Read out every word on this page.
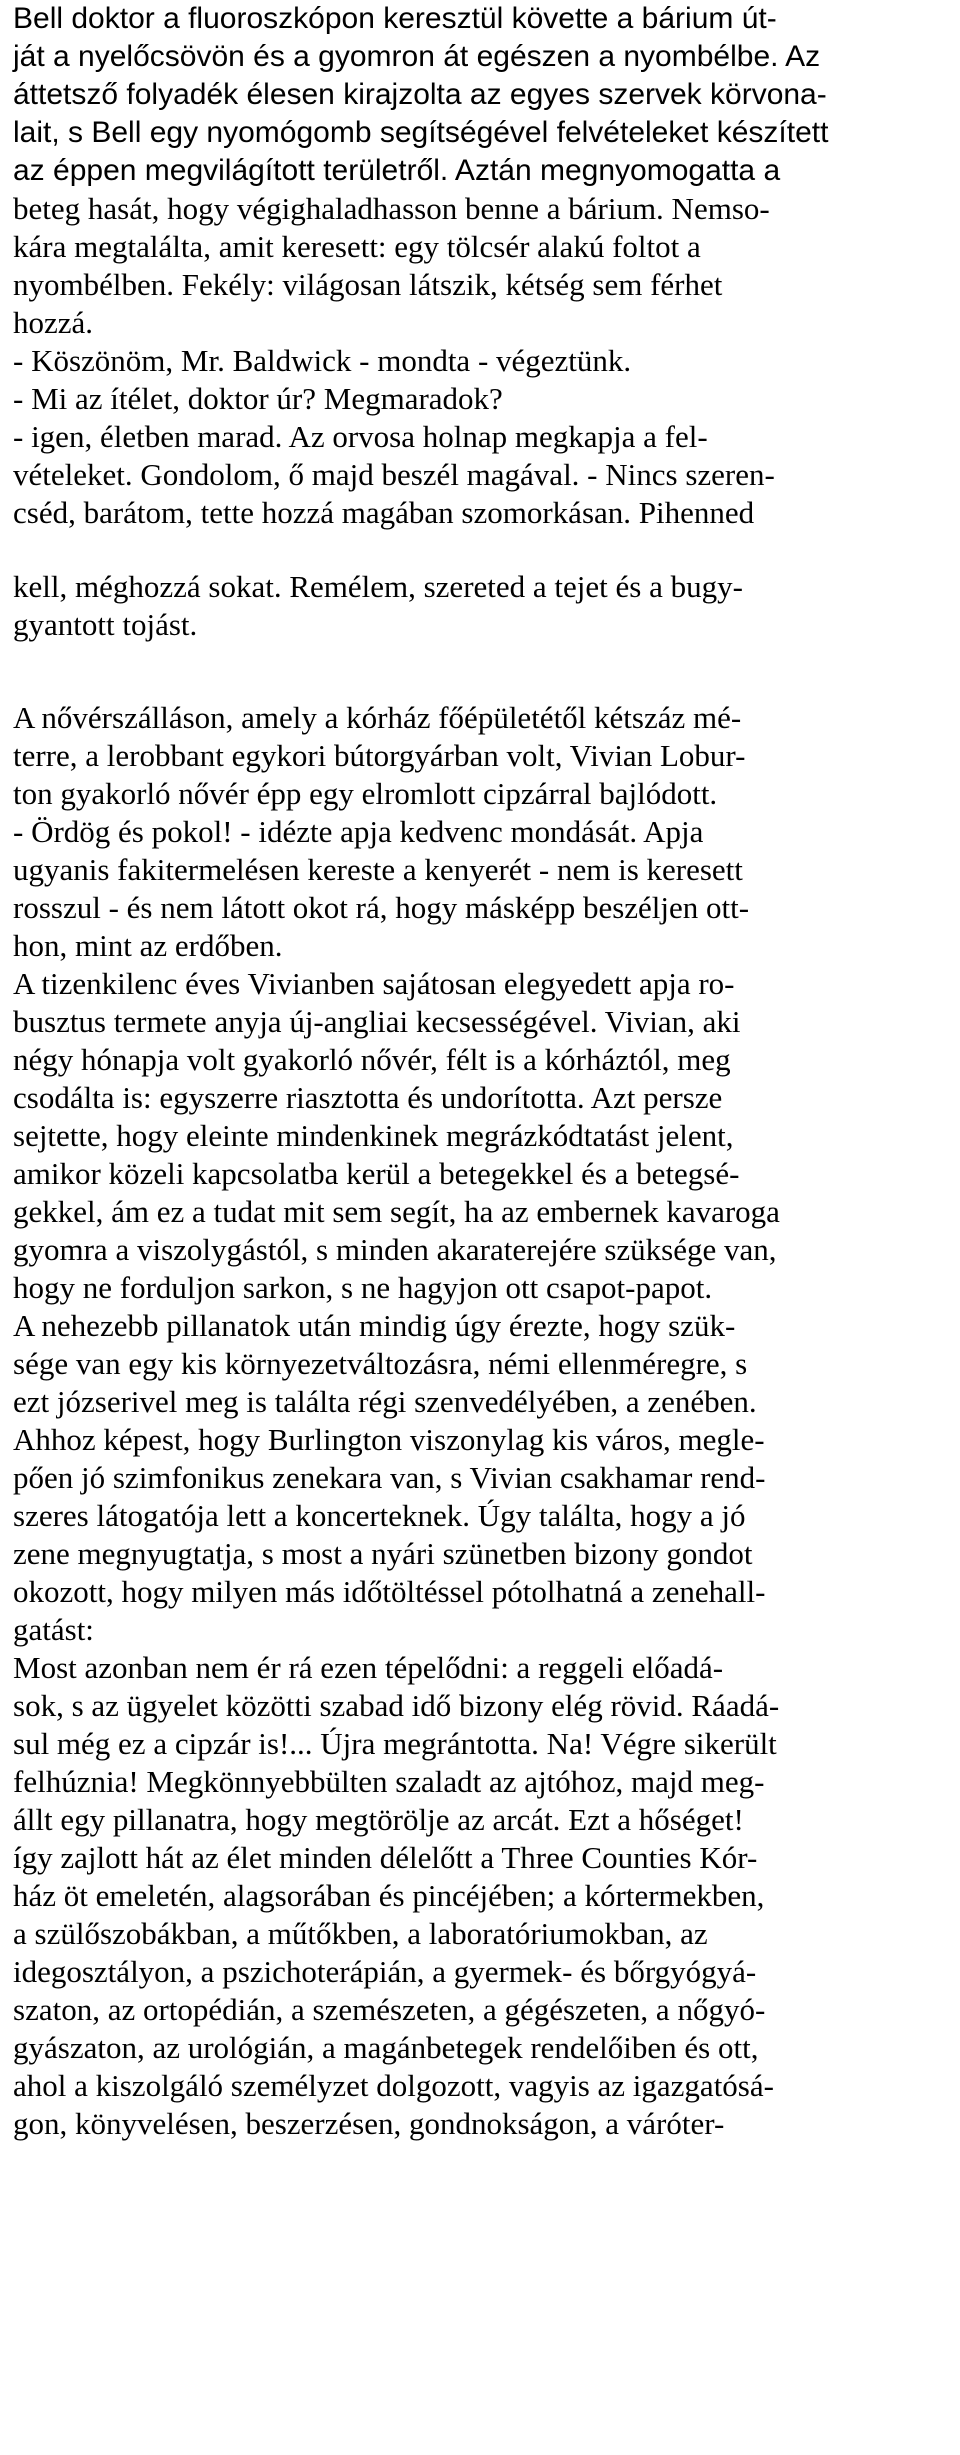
Bell doktor a fluoroszkópon keresztül követte a bárium út-

ját a nyelőcsövön és a gyomron át egészen a nyombélbe. Az

áttetsző folyadék élesen kirajzolta az egyes szervek körvona-

lait, s Bell egy nyomógomb segítségével felvételeket készített

az éppen megvilágított területről. Aztán megnyomogatta a

beteg hasát, hogy végighaladhasson benne a bárium. Nemso-

kára megtalálta, amit keresett: egy tölcsér alakú foltot a

nyombélben. Fekély: világosan látszik, kétség sem férhet

hozzá.

- Köszönöm, Mr. Baldwick - mondta - végeztünk.

- Mi az ítélet, doktor úr? Megmaradok?

- igen, életben marad. Az orvosa holnap megkapja a fel-

vételeket. Gondolom, ő majd beszél magával. - Nincs szeren-

cséd, barátom, tette hozzá magában szomorkásan. Pihenned

kell, méghozzá sokat. Remélem, szereted a tejet és a bugy-

gyantott tojást.

A nővérszálláson, amely a kórház főépületétől kétszáz mé-

terre, a lerobbant egykori bútorgyárban volt, Vivian Lobur-

ton gyakorló nővér épp egy elromlott cipzárral bajlódott.

- Ördög és pokol! - idézte apja kedvenc mondását. Apja

ugyanis fakitermelésen kereste a kenyerét - nem is keresett

rosszul - és nem látott okot rá, hogy másképp beszéljen ott-

hon, mint az erdőben.

A tizenkilenc éves Vivianben sajátosan elegyedett apja ro-

busztus termete anyja új-angliai kecsességével. Vivian, aki

négy hónapja volt gyakorló nővér, félt is a kórháztól, meg

csodálta is: egyszerre riasztotta és undorította. Azt persze

sejtette, hogy eleinte mindenkinek megrázkódtatást jelent,

amikor közeli kapcsolatba kerül a betegekkel és a betegsé-

gekkel, ám ez a tudat mit sem segít, ha az embernek kavaroga

gyomra a viszolygástól, s minden akaraterejére szüksége van,

hogy ne forduljon sarkon, s ne hagyjon ott csapot-papot.

A nehezebb pillanatok után mindig úgy érezte, hogy szük-

sége van egy kis környezetváltozásra, némi ellenméregre, s

ezt józserivel meg is találta régi szenvedélyében, a zenében.

Ahhoz képest, hogy Burlington viszonylag kis város, megle-

pően jó szimfonikus zenekara van, s Vivian csakhamar rend-

szeres látogatója lett a koncerteknek. Úgy találta, hogy a jó

zene megnyugtatja, s most a nyári szünetben bizony gondot

okozott, hogy milyen más időtöltéssel pótolhatná a zenehall-

gatást:

Most azonban nem ér rá ezen tépelődni: a reggeli előadá-

sok, s az ügyelet közötti szabad idő bizony elég rövid. Ráadá-

sul még ez a cipzár is!... Újra megrántotta. Na! Végre sikerült

felhúznia! Megkönnyebbülten szaladt az ajtóhoz, majd meg-

állt egy pillanatra, hogy megtörölje az arcát. Ezt a hőséget!

így zajlott hát az élet minden délelőtt a Three Counties Kór-

ház öt emeletén, alagsorában és pincéjében; a kórtermekben,

a szülőszobákban, a műtőkben, a laboratóriumokban, az

idegosztályon, a pszichoterápián, a gyermek- és bőrgyógyá-

szaton, az ortopédián, a szemészeten, a gégészeten, a nőgyó-

gyászaton, az urológián, a magánbetegek rendelőiben és ott,

ahol a kiszolgáló személyzet dolgozott, vagyis az igazgatósá-

gon, könyvelésen, beszerzésen, gondnokságon, a váróter-
